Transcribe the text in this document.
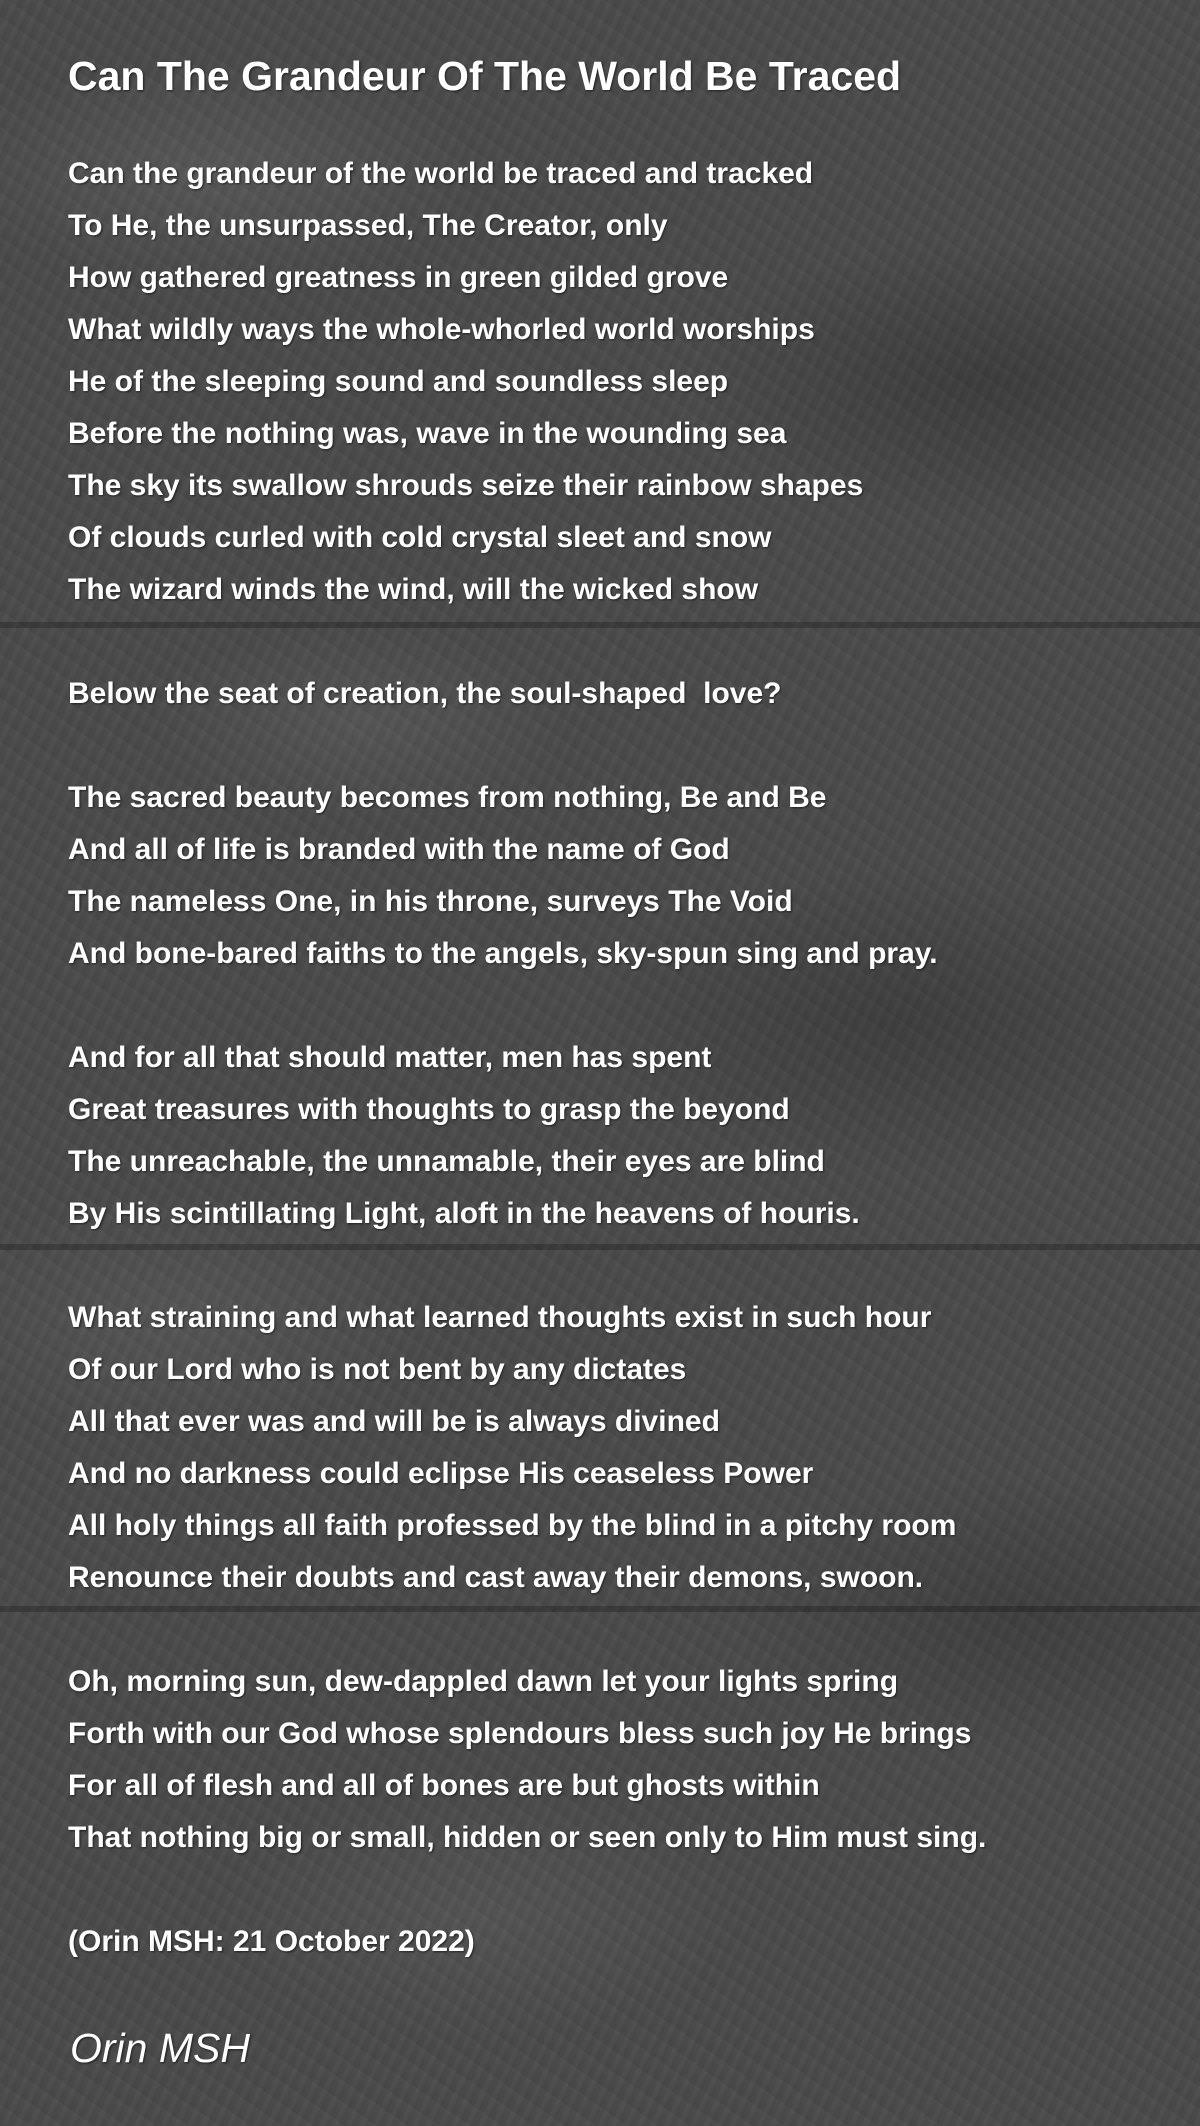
Can The Grandeur Of The World Be Traced
Can the grandeur of the world be traced and tracked
To He, the unsurpassed, The Creator, only
How gathered greatness in green gilded grove
What wildly ways the whole-whorled world worships
He of the sleeping sound and soundless sleep
Before the nothing was, wave in the wounding sea
The sky its swallow shrouds seize their rainbow shapes
Of clouds curled with cold crystal sleet and snow
The wizard winds the wind, will the wicked show
Below the seat of creation, the soul-shaped  love?
The sacred beauty becomes from nothing, Be and Be
And all of life is branded with the name of God
The nameless One, in his throne, surveys The Void
And bone-bared faiths to the angels, sky-spun sing and pray.
And for all that should matter, men has spent
Great treasures with thoughts to grasp the beyond
The unreachable, the unnamable, their eyes are blind
By His scintillating Light, aloft in the heavens of houris.
What straining and what learned thoughts exist in such hour
Of our Lord who is not bent by any dictates
All that ever was and will be is always divined
And no darkness could eclipse His ceaseless Power
All holy things all faith professed by the blind in a pitchy room
Renounce their doubts and cast away their demons, swoon.
Oh, morning sun, dew-dappled dawn let your lights spring
Forth with our God whose splendours bless such joy He brings
For all of flesh and all of bones are but ghosts within
That nothing big or small, hidden or seen only to Him must sing.
(Orin MSH: 21 October 2022)
Orin MSH
